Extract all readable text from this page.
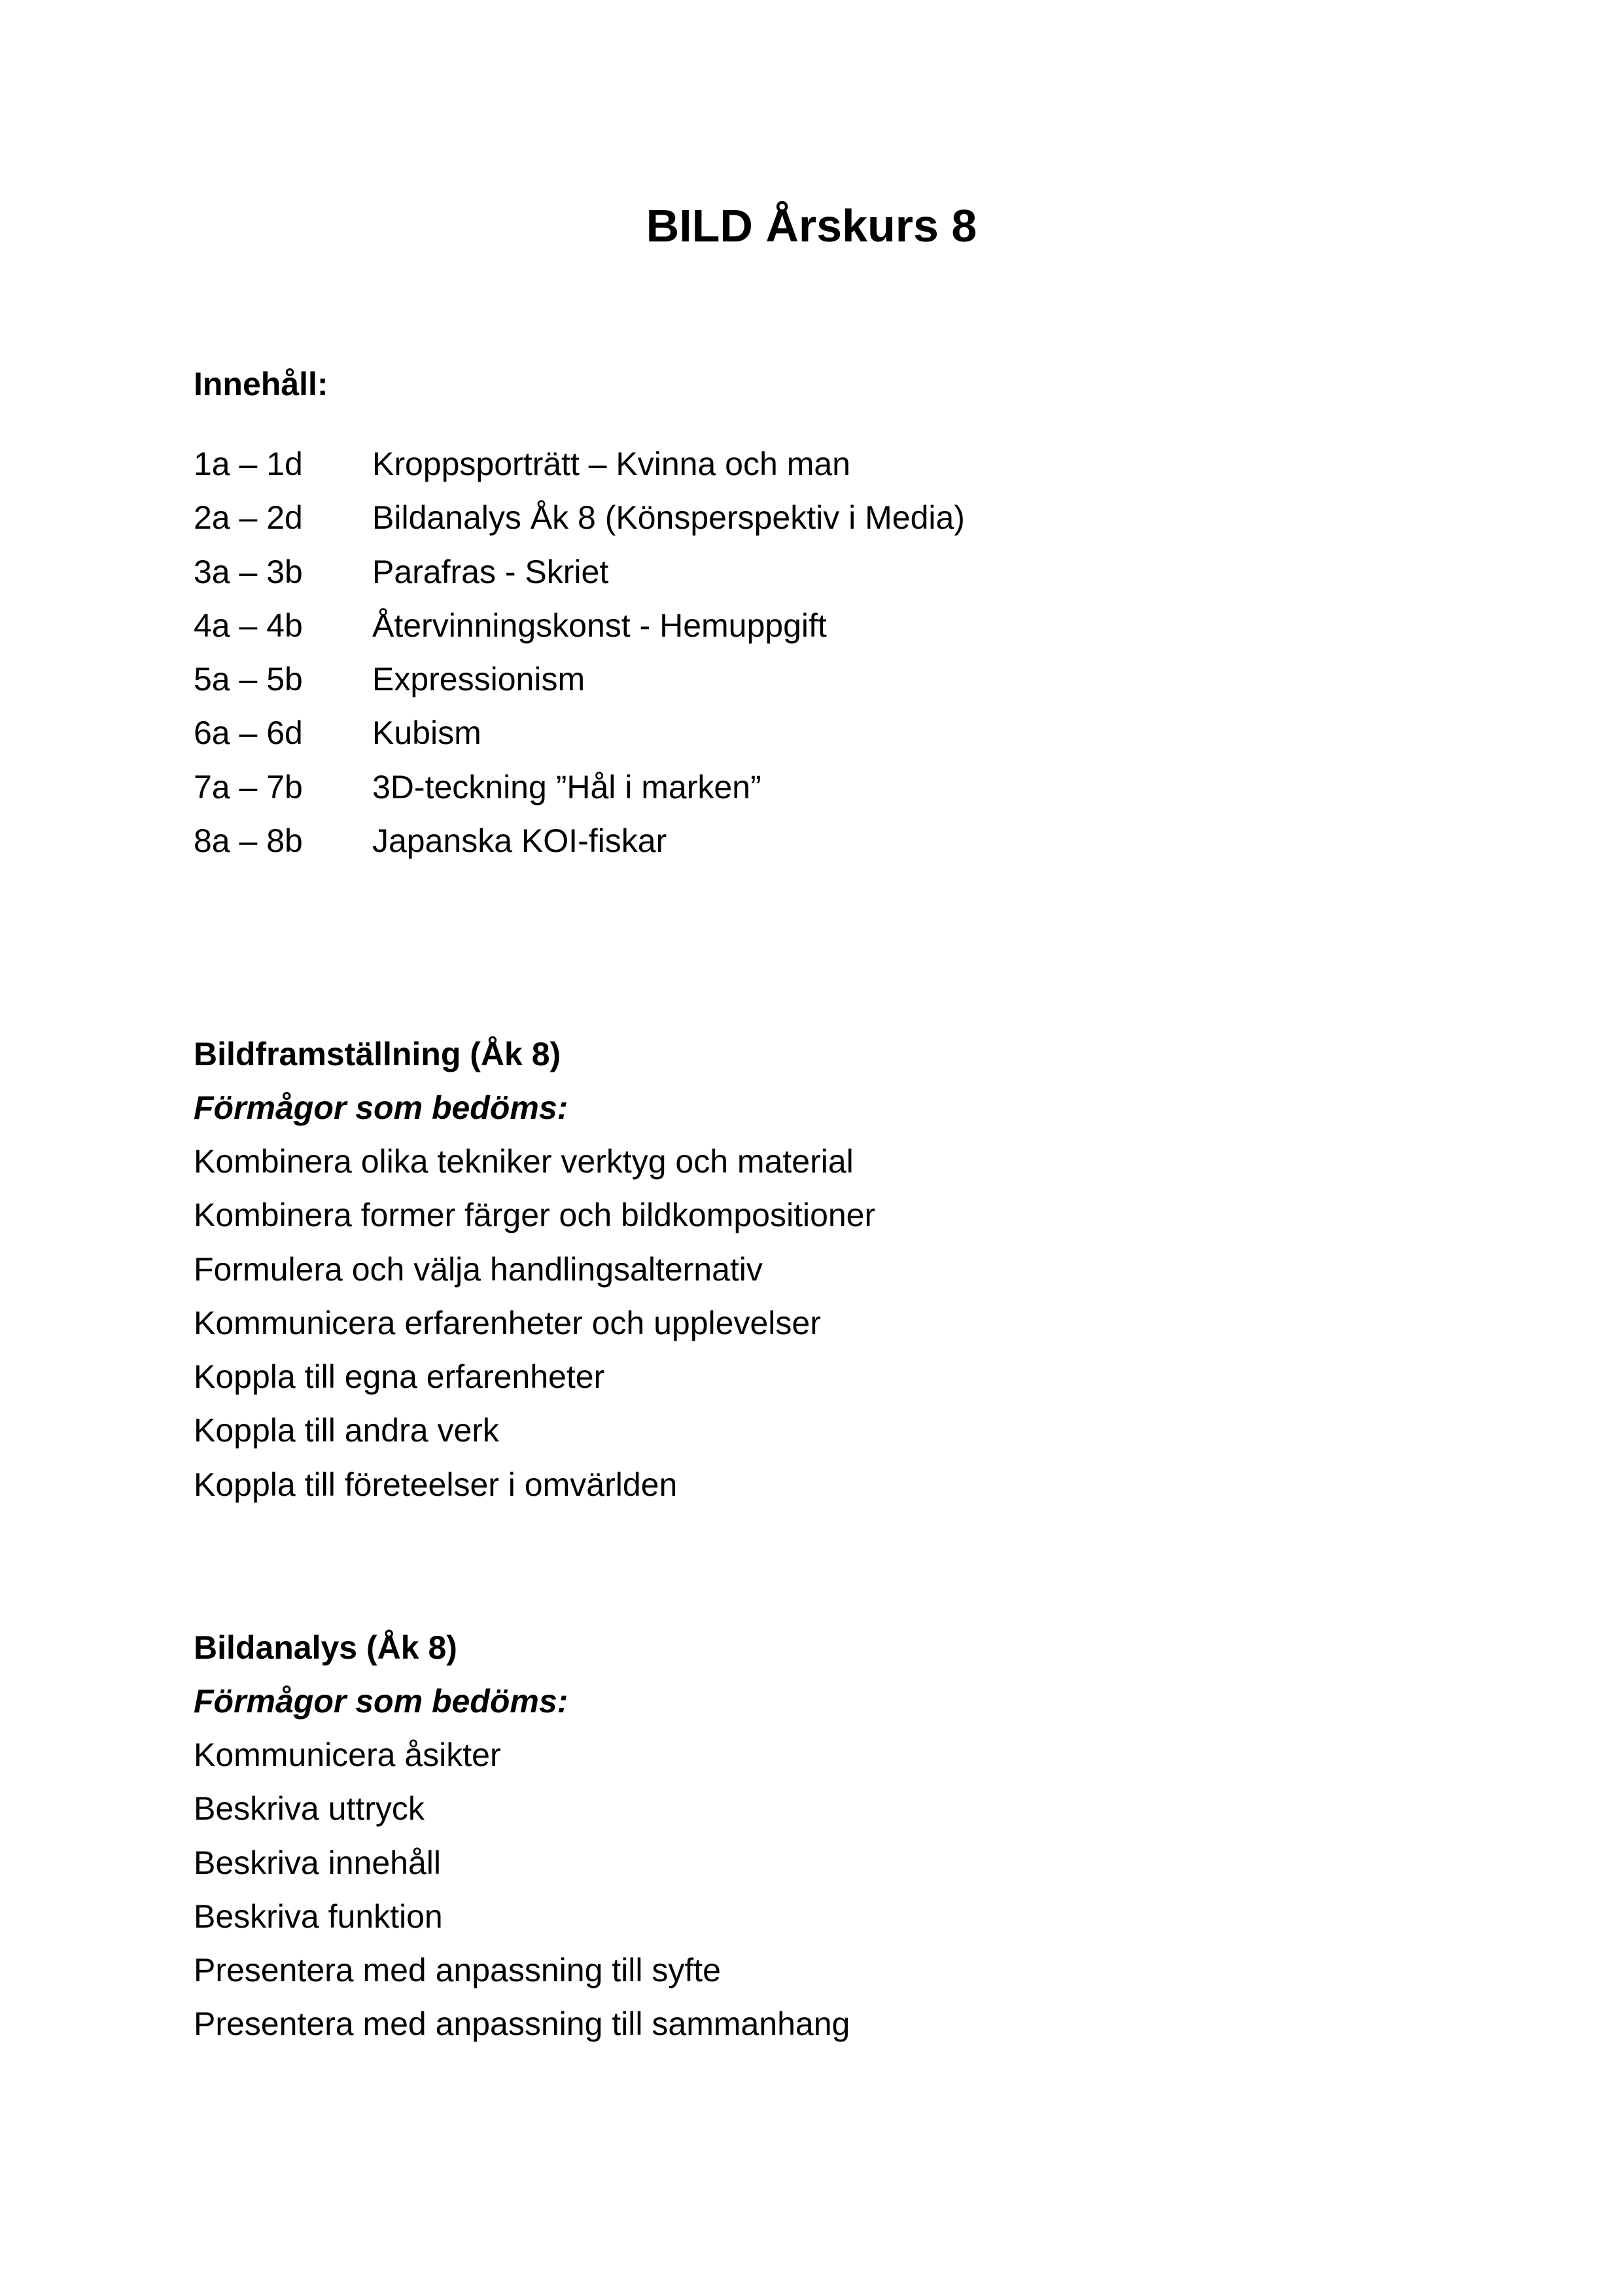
BILD Årskurs 8
Innehåll:
1a – 1d	Kroppsporträtt – Kvinna och man
2a – 2d	Bildanalys Åk 8 (Könsperspektiv i Media)
3a – 3b	Parafras - Skriet
4a – 4b	Återvinningskonst - Hemuppgift
5a – 5b	Expressionism
6a – 6d	Kubism
7a – 7b	3D-teckning ”Hål i marken”
8a – 8b	Japanska KOI-fiskar
Bildframställning (Åk 8)
Förmågor som bedöms:
Kombinera olika tekniker verktyg och material
Kombinera former färger och bildkompositioner
Formulera och välja handlingsalternativ
Kommunicera erfarenheter och upplevelser
Koppla till egna erfarenheter
Koppla till andra verk
Koppla till företeelser i omvärlden
Bildanalys (Åk 8)
Förmågor som bedöms:
Kommunicera åsikter
Beskriva uttryck
Beskriva innehåll
Beskriva funktion
Presentera med anpassning till syfte
Presentera med anpassning till sammanhang
